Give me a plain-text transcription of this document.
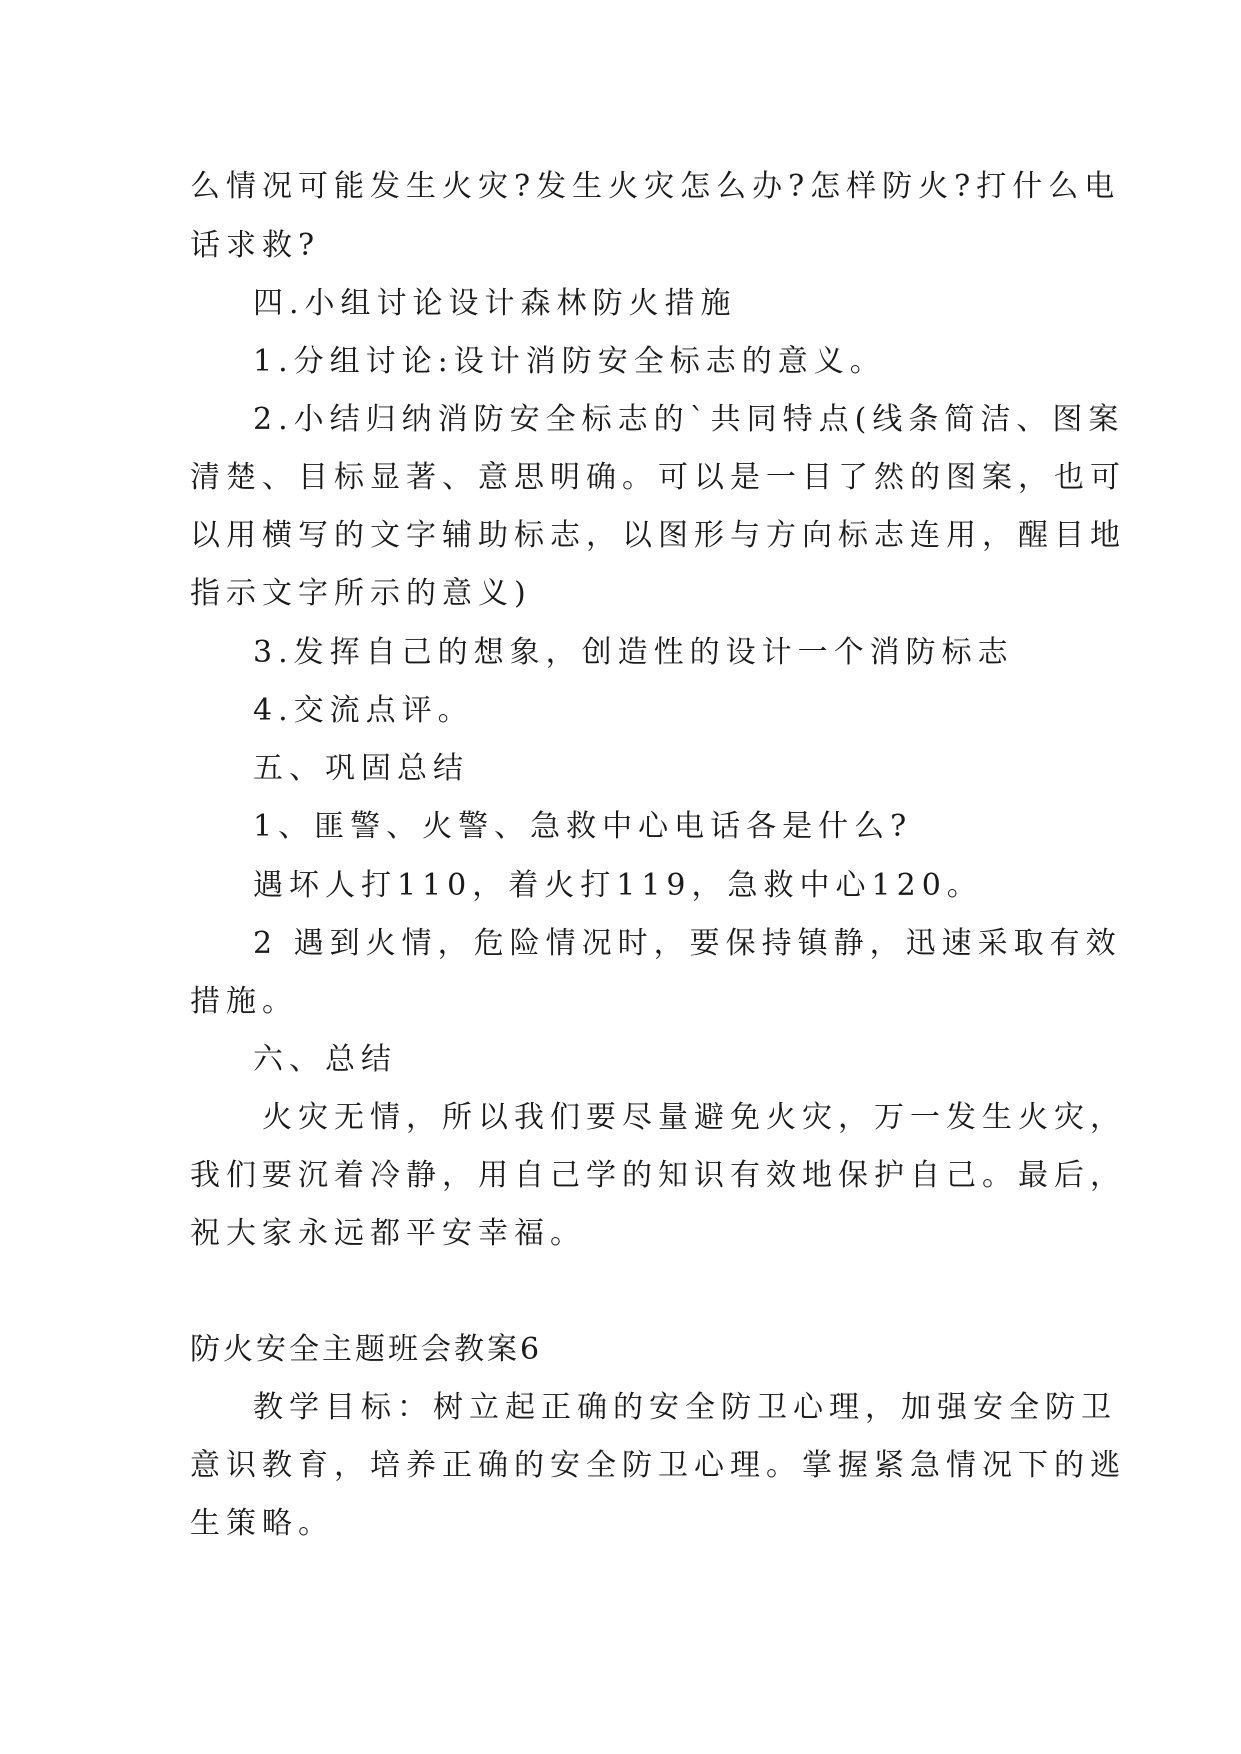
么情况可能发生火灾?发生火灾怎么办?怎样防火?打什么电
话求救?
四.小组讨论设计森林防火措施
1.分组讨论:设计消防安全标志的意义。
2.小结归纳消防安全标志的`共同特点(线条简洁、图案
清楚、目标显著、意思明确。可以是一目了然的图案，也可
以用横写的文字辅助标志，以图形与方向标志连用，醒目地
指示文字所示的意义)
3.发挥自己的想象，创造性的设计一个消防标志
4.交流点评。
五、巩固总结
1、匪警、火警、急救中心电话各是什么?
遇坏人打110，着火打119，急救中心120。
2 遇到火情，危险情况时，要保持镇静，迅速采取有效
措施。
六、总结
火灾无情，所以我们要尽量避免火灾，万一发生火灾，
我们要沉着冷静，用自己学的知识有效地保护自己。最后，
祝大家永远都平安幸福。
防火安全主题班会教案6
教学目标：树立起正确的安全防卫心理，加强安全防卫
意识教育，培养正确的安全防卫心理。掌握紧急情况下的逃
生策略。
